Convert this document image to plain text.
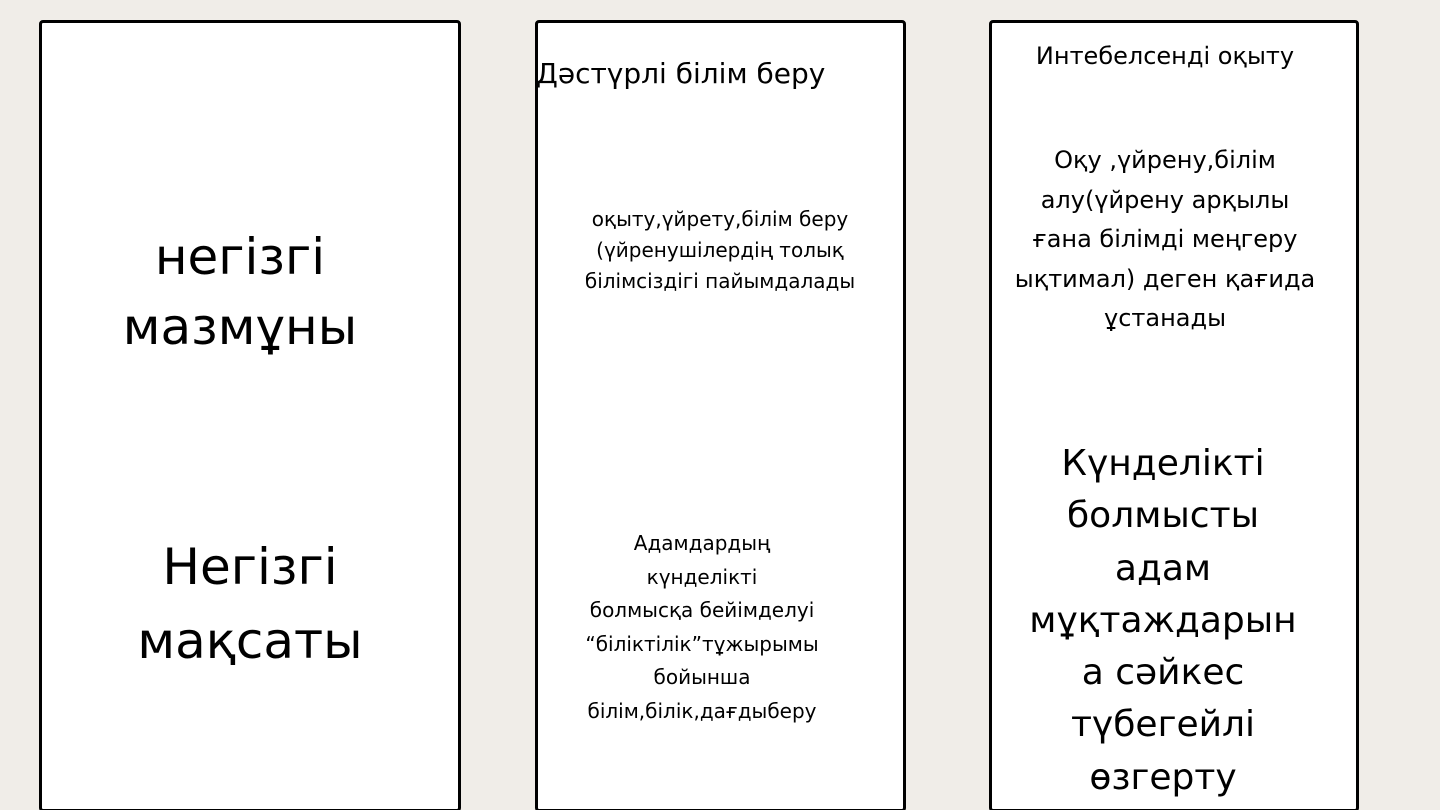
негізгі
мазмұны
Негізгі
мақсаты
Дәстүрлі білім беру
оқыту,үйрету,білім беру
(үйренушілердің толық
білімсіздігі пайымдалады
Адамдардың
күнделікті
болмысқа бейімделуі
“біліктілік”тұжырымы
бойынша
білім,білік,дағдыберу
Интебелсенді оқыту
Оқу ,үйрену,білім
алу(үйрену арқылы
ғана білімді меңгеру
ықтимал) деген қағида
ұстанады
Күнделікті
болмысты
адам
мұқтаждарын
а сәйкес
түбегейлі
өзгерту
